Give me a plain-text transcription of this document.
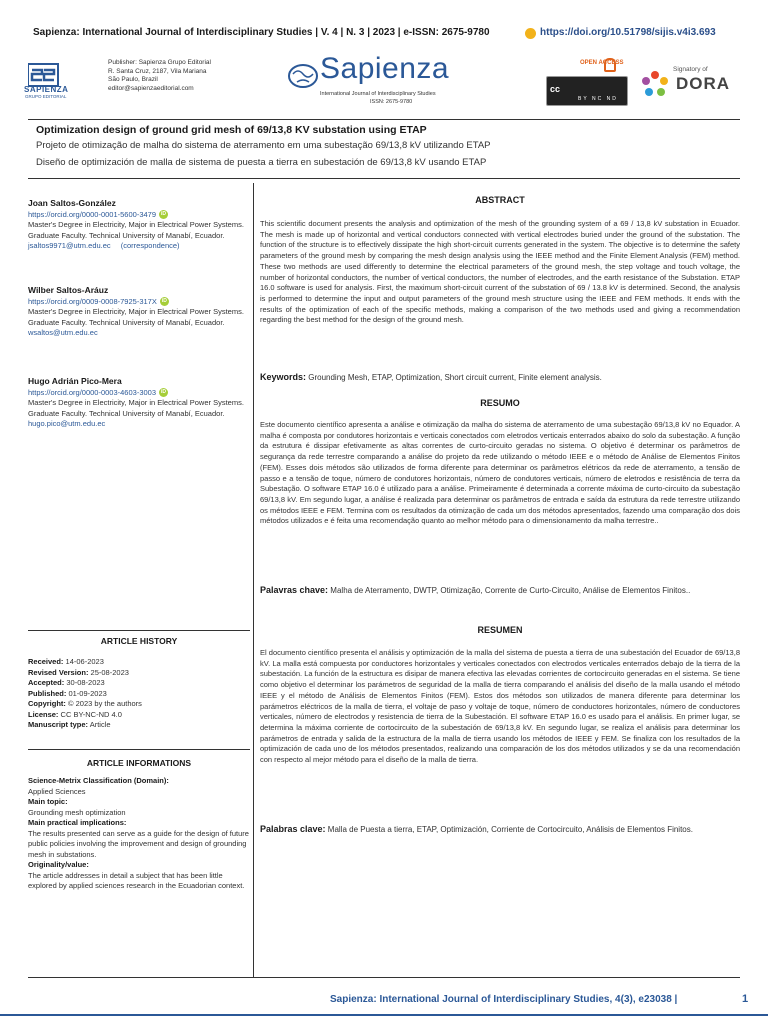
Sapienza: International Journal of Interdisciplinary Studies | V. 4 | N. 3 | 2023 | e-ISSN: 2675-9780	https://doi.org/10.51798/sijis.v4i3.693
SAPIENZA
GRUPO EDITORIAL
Publisher: Sapienza Grupo Editorial
R. Santa Cruz, 2187, Vila Mariana
São Paulo, Brazil
editor@sapienzaeditorial.com
Sapienza
International Journal of Interdisciplinary Studies
ISSN: 2675-9780
OPEN ACCESS
cc
BY NC ND
Signatory of
DORA
Optimization design of ground grid mesh of 69/13,8 KV substation using ETAP
Projeto de otimização de malha do sistema de aterramento em uma subestação 69/13,8 kV utilizando ETAP
Diseño de optimización de malla de sistema de puesta a tierra en subestación de 69/13,8 kV usando ETAP
Joan Saltos-González
https://orcid.org/0000-0001-5600-3479	iD
Master's Degree in Electricity, Major in Electrical Power Systems. Graduate Faculty. Technical University of Manabí, Ecuador.
jsaltos9971@utm.edu.ec (correspondence)
Wilber Saltos-Aráuz
https://orcid.org/0009-0008-7925-317X	iD
Master's Degree in Electricity, Major in Electrical Power Systems. Graduate Faculty. Technical University of Manabí, Ecuador.
wsaltos@utm.edu.ec
Hugo Adrián Pico-Mera
https://orcid.org/0000-0003-4603-3003	iD
Master's Degree in Electricity, Major in Electrical Power Systems. Graduate Faculty. Technical University of Manabí, Ecuador.
hugo.pico@utm.edu.ec
ARTICLE HISTORY
Received: 14-06-2023
Revised Version: 25-08-2023
Accepted: 30-08-2023
Published: 01-09-2023
Copyright: © 2023 by the authors
License: CC BY-NC-ND 4.0
Manuscript type: Article
ARTICLE INFORMATIONS
Science-Metrix Classification (Domain):
Applied Sciences
Main topic:
Grounding mesh optimization
Main practical implications:
The results presented can serve as a guide for the design of future public policies involving the improvement and design of grounding mesh in substations.
Originality/value:
The article addresses in detail a subject that has been little explored by applied sciences research in the Ecuadorian context.
ABSTRACT
This scientific document presents the analysis and optimization of the mesh of the grounding system of a 69 / 13,8 kV substation in Ecuador. The mesh is made up of horizontal and vertical conductors connected with vertical electrodes buried under the ground of the substation. The function of the structure is to effectively dissipate the high short-circuit currents generated in the system. The objective is to determine the safety parameters of the ground mesh by comparing the mesh design analysis using the IEEE method and the Finite Element Analysis (FEM) method. These two methods are used differently to determine the electrical parameters of the ground mesh, the step voltage and touch voltage, the number of horizontal conductors, the number of vertical conductors, the number of electrodes, and the earth resistance of the Substation. ETAP 16.0 software is used for analysis. First, the maximum short-circuit current of the substation of 69 / 13.8 kV is determined. Second, the analysis is performed to determine the input and output parameters of the ground mesh structure using the IEEE and FEM methods. It ends with the results of the optimization of each of the specific methods, making a comparison of the two methods used and giving a recommendation regarding the best method for the design of the ground mesh.
Keywords: Grounding Mesh, ETAP, Optimization, Short circuit current, Finite element analysis.
RESUMO
Este documento científico apresenta a análise e otimização da malha do sistema de aterramento de uma subestação 69/13,8 kV no Equador. A malha é composta por condutores horizontais e verticais conectados com eletrodos verticais enterrados abaixo do solo da subestação. A função da estrutura é dissipar efetivamente as altas correntes de curto-circuito geradas no sistema. O objetivo é determinar os parâmetros de segurança da rede terrestre comparando a análise do projeto da rede utilizando o método IEEE e o método de Análise de Elementos Finitos (FEM). Esses dois métodos são utilizados de forma diferente para determinar os parâmetros elétricos da rede de aterramento, a tensão de passo e a tensão de toque, número de condutores horizontais, número de condutores verticais, número de eletrodos e resistência de terra da Subestação. O software ETAP 16.0 é utilizado para a análise. Primeiramente é determinada a corrente máxima de curto-circuito da subestação 69/13,8 kV. Em segundo lugar, a análise é realizada para determinar os parâmetros de entrada e saída da estrutura da rede terrestre utilizando os métodos IEEE e FEM. Termina com os resultados da otimização de cada um dos métodos apresentados, fazendo uma comparação dos dois métodos utilizados e é feita uma recomendação quanto ao melhor método para o dimensionamento da malha terrestre..
Palavras chave: Malha de Aterramento, DWTP, Otimização, Corrente de Curto-Circuito, Análise de Elementos Finitos..
RESUMEN
El documento científico presenta el análisis y optimización de la malla del sistema de puesta a tierra de una subestación del Ecuador de 69/13,8 kV. La malla está compuesta por conductores horizontales y verticales conectados con electrodos verticales enterrados debajo de la tierra de la subestación. La función de la estructura es disipar de manera efectiva las elevadas corrientes de cortocircuito generadas en el sistema. Se tiene como objetivo el determinar los parámetros de seguridad de la malla de tierra comparando el análisis del diseño de la malla usando el método IEEE y el método de Análisis de Elementos Finitos (FEM). Estos dos métodos son utilizados de manera diferente para determinar los parámetros eléctricos de la malla de tierra, el voltaje de paso y voltaje de toque, número de conductores horizontales, número de conductores verticales, número de electrodos y resistencia de tierra de la Subestación. El software ETAP 16.0 es usado para el análisis. En primer lugar, se determina la máxima corriente de cortocircuito de la subestación de 69/13,8 kV. En segundo lugar, se realiza el análisis para determinar los parámetros de entrada y salida de la estructura de la malla de tierra usando los métodos de IEEE y FEM. Se finaliza con los resultados de la optimización de cada uno de los métodos presentados, realizando una comparación de los dos métodos utilizados y se da una recomendación con respecto al mejor método para el diseño de la malla de tierra.
Palabras clave: Malla de Puesta a tierra, ETAP, Optimización, Corriente de Cortocircuito, Análisis de Elementos Finitos.
Sapienza: International Journal of Interdisciplinary Studies, 4(3), e23038 |	1
